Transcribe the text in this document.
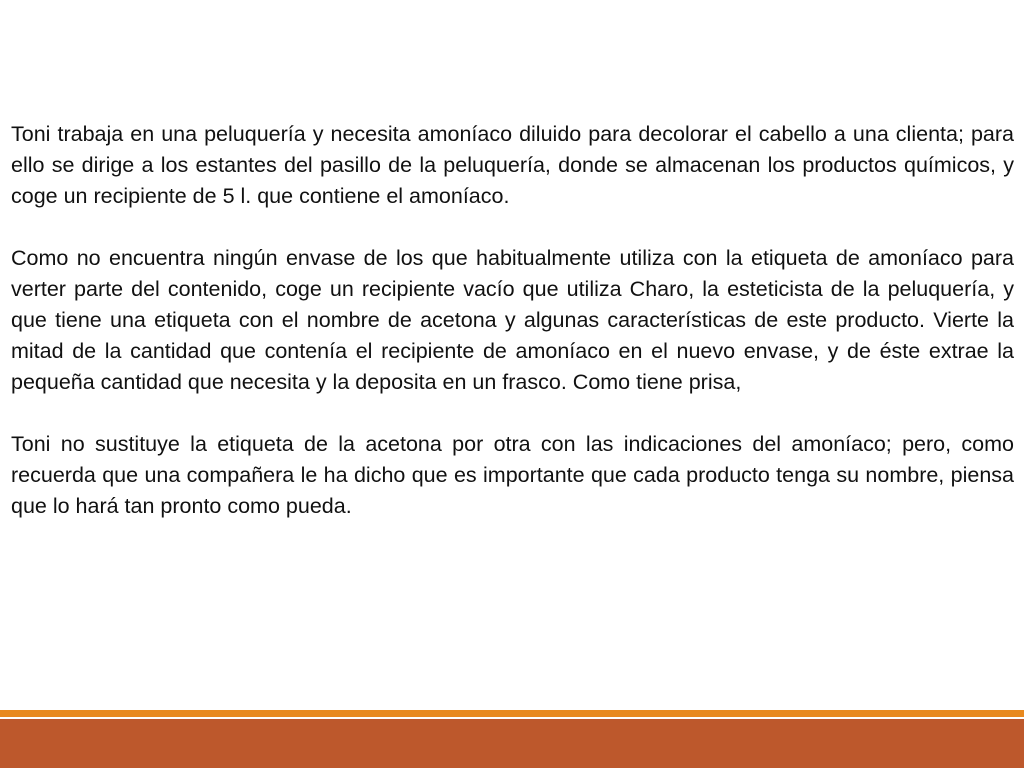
Toni trabaja en una peluquería y necesita amoníaco diluido para decolorar el cabello a una clienta; para ello se dirige a los estantes del pasillo de la peluquería, donde se almacenan los productos químicos, y coge un recipiente de 5 l. que contiene el amoníaco.

Como no encuentra ningún envase de los que habitualmente utiliza con la etiqueta de amoníaco para verter parte del contenido, coge un recipiente vacío que utiliza Charo, la esteticista de la peluquería, y que tiene una etiqueta con el nombre de acetona y algunas características de este producto. Vierte la mitad de la cantidad que contenía el recipiente de amoníaco en el nuevo envase, y de éste extrae la pequeña cantidad que necesita y la deposita en un frasco. Como tiene prisa,

Toni no sustituye la etiqueta de la acetona por otra con las indicaciones del amoníaco; pero, como recuerda que una compañera le ha dicho que es importante que cada producto tenga su nombre, piensa que lo hará tan pronto como pueda.
